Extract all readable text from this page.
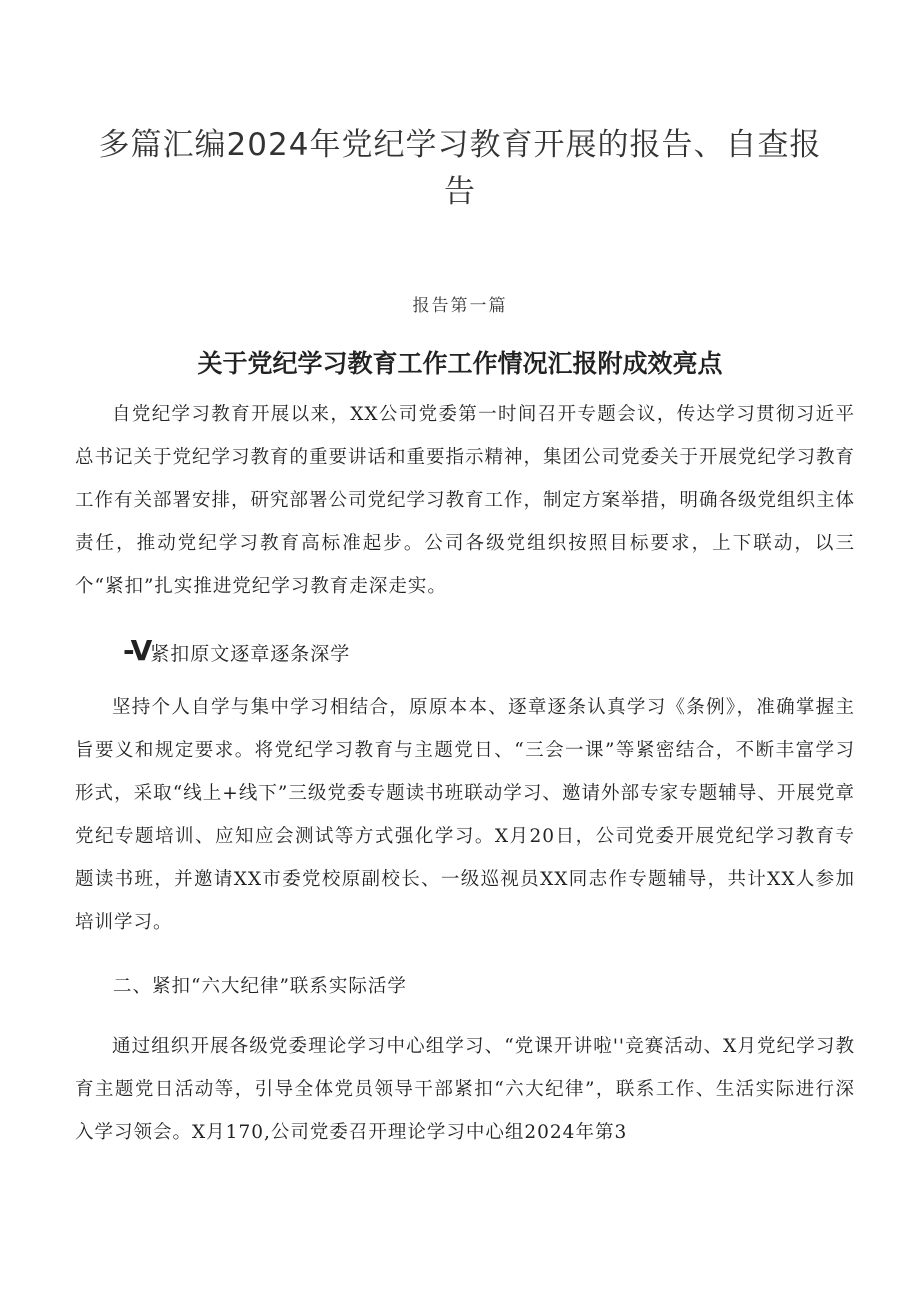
多篇汇编2024年党纪学习教育开展的报告、自查报
告
报告第一篇
关于党纪学习教育工作工作情况汇报附成效亮点
自党纪学习教育开展以来，XX公司党委第一时间召开专题会议，传达学习贯彻习近平总书记关于党纪学习教育的重要讲话和重要指示精神，集团公司党委关于开展党纪学习教育工作有关部署安排，研究部署公司党纪学习教育工作，制定方案举措，明确各级党组织主体责任，推动党纪学习教育高标准起步。公司各级党组织按照目标要求，上下联动，以三个“紧扣”扎实推进党纪学习教育走深走实。
-V紧扣原文逐章逐条深学
坚持个人自学与集中学习相结合，原原本本、逐章逐条认真学习《条例》，准确掌握主旨要义和规定要求。将党纪学习教育与主题党日、“三会一课”等紧密结合，不断丰富学习形式，采取“线上+线下”三级党委专题读书班联动学习、邀请外部专家专题辅导、开展党章党纪专题培训、应知应会测试等方式强化学习。X月20日，公司党委开展党纪学习教育专题读书班，并邀请XX市委党校原副校长、一级巡视员XX同志作专题辅导，共计XX人参加培训学习。
二、紧扣“六大纪律”联系实际活学
通过组织开展各级党委理论学习中心组学习、“党课开讲啦''竞赛活动、X月党纪学习教育主题党日活动等，引导全体党员领导干部紧扣“六大纪律”，联系工作、生活实际进行深入学习领会。X月170,公司党委召开理论学习中心组2024年第3
